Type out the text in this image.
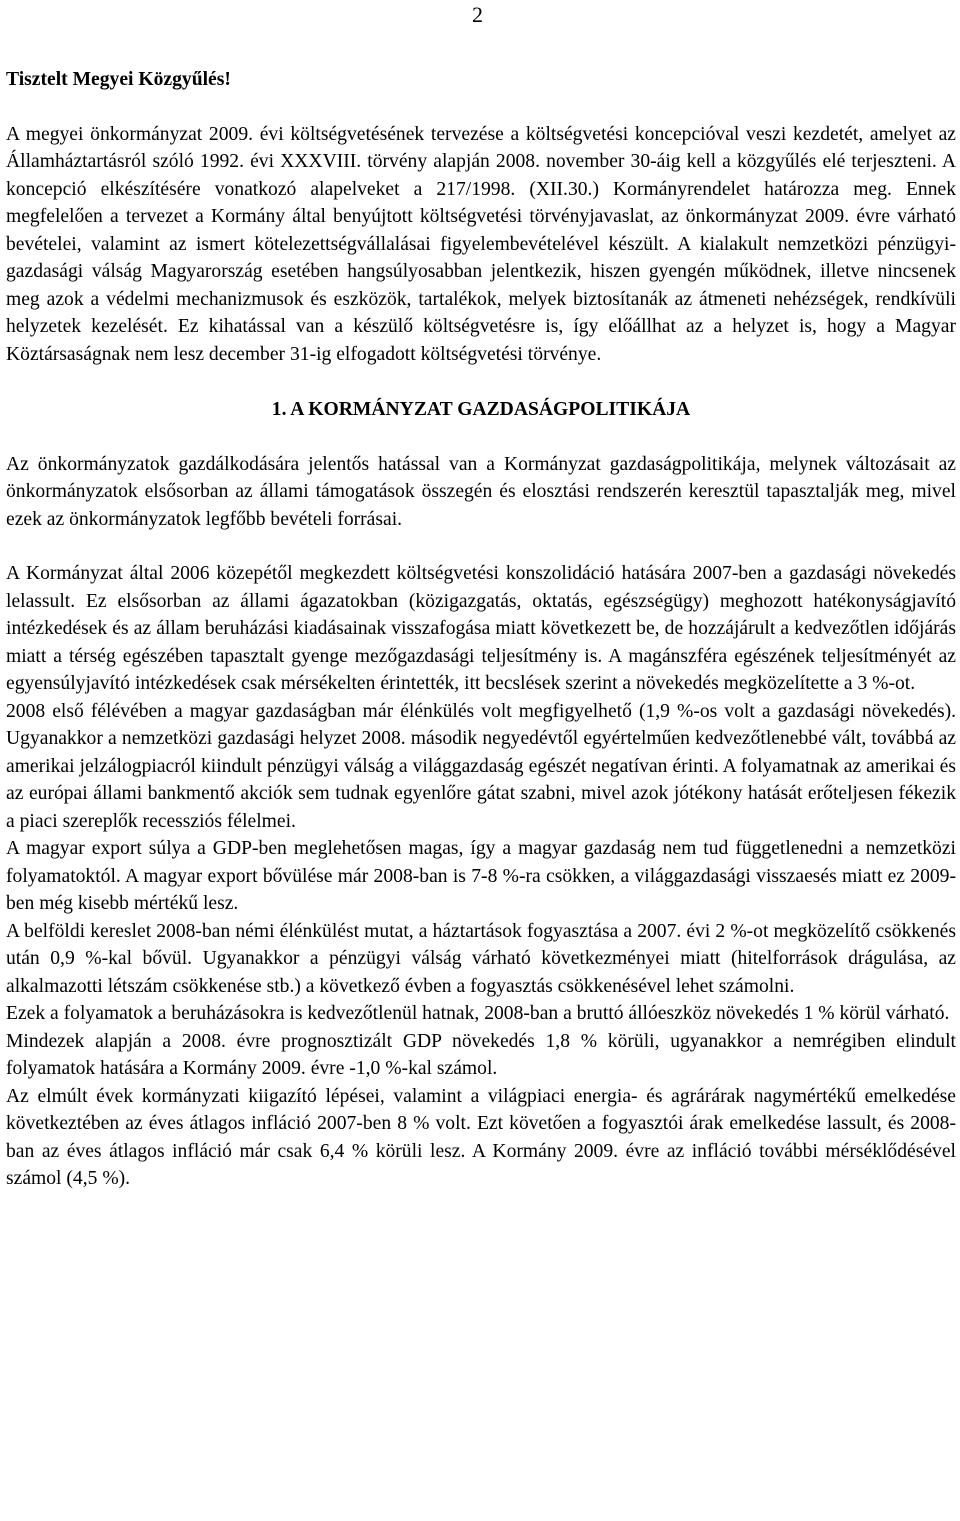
2
Tisztelt Megyei Közgyűlés!

A megyei önkormányzat 2009. évi költségvetésének tervezése a költségvetési koncepcióval veszi kezdetét, amelyet az Államháztartásról szóló 1992. évi XXXVIII. törvény alapján 2008. november 30-áig kell a közgyűlés elé terjeszteni. A koncepció elkészítésére vonatkozó alapelveket a 217/1998. (XII.30.) Kormányrendelet határozza meg. Ennek megfelelően a tervezet a Kormány által benyújtott költségvetési törvényjavaslat, az önkormányzat 2009. évre várható bevételei, valamint az ismert kötelezettségvállalásai figyelembevételével készült. A kialakult nemzetközi pénzügyi-gazdasági válság Magyarország esetében hangsúlyosabban jelentkezik, hiszen gyengén működnek, illetve nincsenek meg azok a védelmi mechanizmusok és eszközök, tartalékok, melyek biztosítanák az átmeneti nehézségek, rendkívüli helyzetek kezelését. Ez kihatással van a készülő költségvetésre is, így előállhat az a helyzet is, hogy a Magyar Köztársaságnak nem lesz december 31-ig elfogadott költségvetési törvénye.

1. A KORMÁNYZAT GAZDASÁGPOLITIKÁJA

Az önkormányzatok gazdálkodására jelentős hatással van a Kormányzat gazdaságpolitikája, melynek változásait az önkormányzatok elsősorban az állami támogatások összegén és elosztási rendszerén keresztül tapasztalják meg, mivel ezek az önkormányzatok legfőbb bevételi forrásai.

A Kormányzat által 2006 közepétől megkezdett költségvetési konszolidáció hatására 2007-ben a gazdasági növekedés lelassult. Ez elsősorban az állami ágazatokban (közigazgatás, oktatás, egészségügy) meghozott hatékonyságjavító intézkedések és az állam beruházási kiadásainak visszafogása miatt következett be, de hozzájárult a kedvezőtlen időjárás miatt a térség egészében tapasztalt gyenge mezőgazdasági teljesítmény is. A magánszféra egészének teljesítményét az egyensúlyjavító intézkedések csak mérsékelten érintették, itt becslések szerint a növekedés megközelítette a 3 %-ot.

2008 első félévében a magyar gazdaságban már élénkülés volt megfigyelhető (1,9 %-os volt a gazdasági növekedés). Ugyanakkor a nemzetközi gazdasági helyzet 2008. második negyedévtől egyértelműen kedvezőtlenebbé vált, továbbá az amerikai jelzálogpiacról kiindult pénzügyi válság a világgazdaság egészét negatívan érinti. A folyamatnak az amerikai és az európai állami bankmentő akciók sem tudnak egyenlőre gátat szabni, mivel azok jótékony hatását erőteljesen fékezik a piaci szereplők recessziós félelmei.

A magyar export súlya a GDP-ben meglehetősen magas, így a magyar gazdaság nem tud függetlenedni a nemzetközi folyamatoktól. A magyar export bővülése már 2008-ban is 7-8 %-ra csökken, a világgazdasági visszaesés miatt ez 2009-ben még kisebb mértékű lesz.

A belföldi kereslet 2008-ban némi élénkülést mutat, a háztartások fogyasztása a 2007. évi 2 %-ot megközelítő csökkenés után 0,9 %-kal bővül. Ugyanakkor a pénzügyi válság várható következményei miatt (hitelforrások drágulása, az alkalmazotti létszám csökkenése stb.) a következő évben a fogyasztás csökkenésével lehet számolni.

Ezek a folyamatok a beruházásokra is kedvezőtlenül hatnak, 2008-ban a bruttó állóeszköz növekedés 1 % körül várható.

Mindezek alapján a 2008. évre prognosztizált GDP növekedés 1,8 % körüli, ugyanakkor a nemrégiben elindult folyamatok hatására a Kormány 2009. évre -1,0 %-kal számol.

Az elmúlt évek kormányzati kiigazító lépései, valamint a világpiaci energia- és agrárárak nagymértékű emelkedése következtében az éves átlagos infláció 2007-ben 8 % volt. Ezt követően a fogyasztói árak emelkedése lassult, és 2008-ban az éves átlagos infláció már csak 6,4 % körüli lesz. A Kormány 2009. évre az infláció további mérséklődésével számol (4,5 %).
